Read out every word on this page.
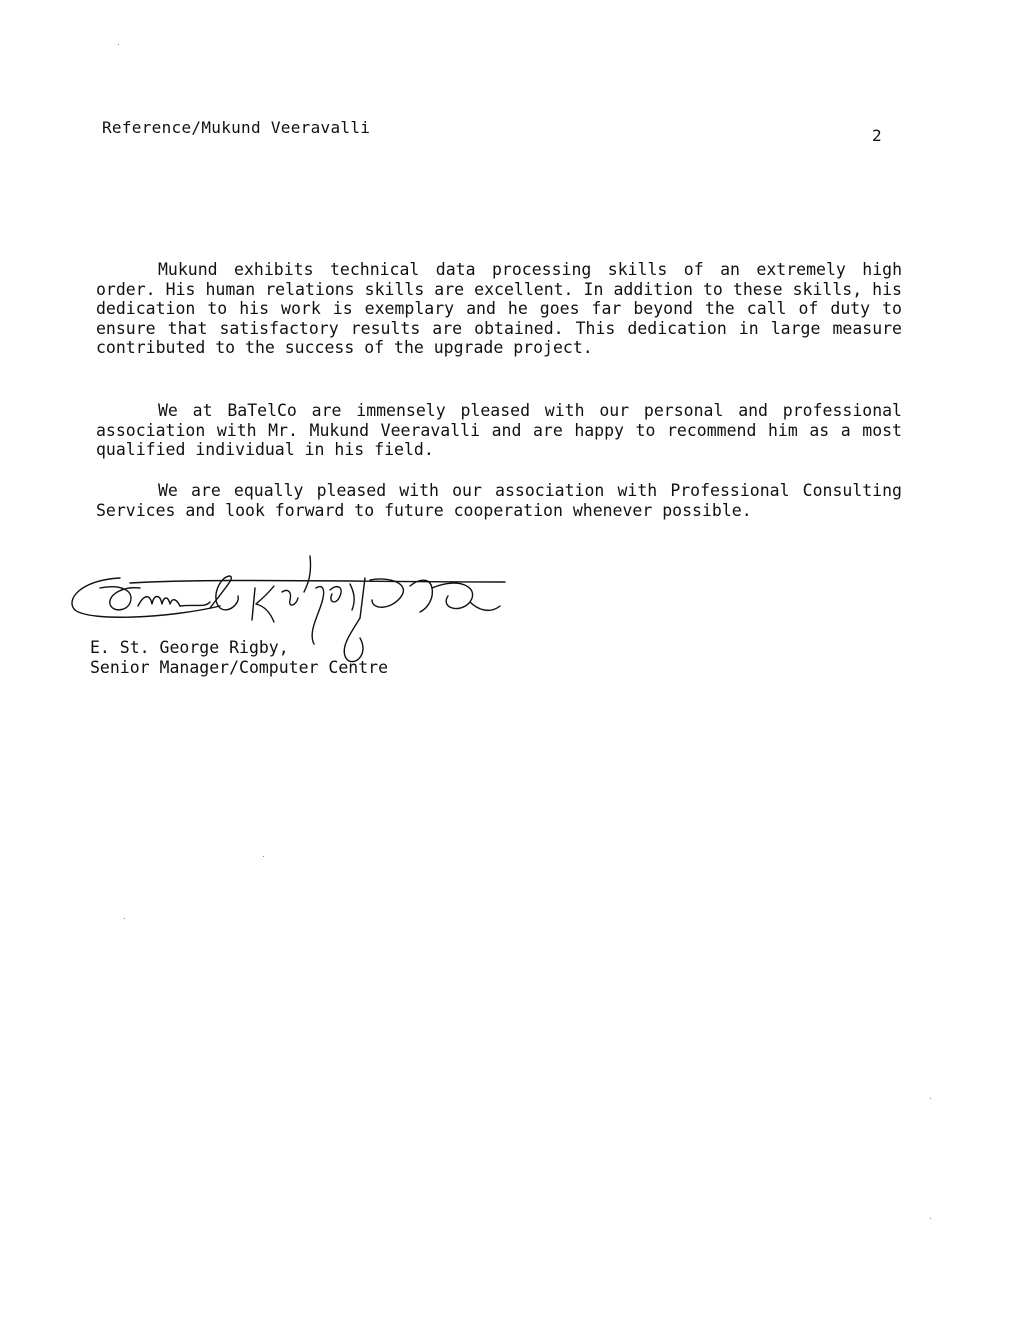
Reference/Mukund Veeravalli	2

Mukund exhibits technical data processing skills of an extremely high order. His human relations skills are excellent. In addition to these skills, his dedication to his work is exemplary and he goes far beyond the call of duty to ensure that satisfactory results are obtained. This dedication in large measure contributed to the success of the upgrade project.

We at BaTelCo are immensely pleased with our personal and professional association with Mr. Mukund Veeravalli and are happy to recommend him as a most qualified individual in his field.

We are equally pleased with our association with Professional Consulting Services and look forward to future cooperation whenever possible.

E. St. George Rigby,
Senior Manager/Computer Centre
